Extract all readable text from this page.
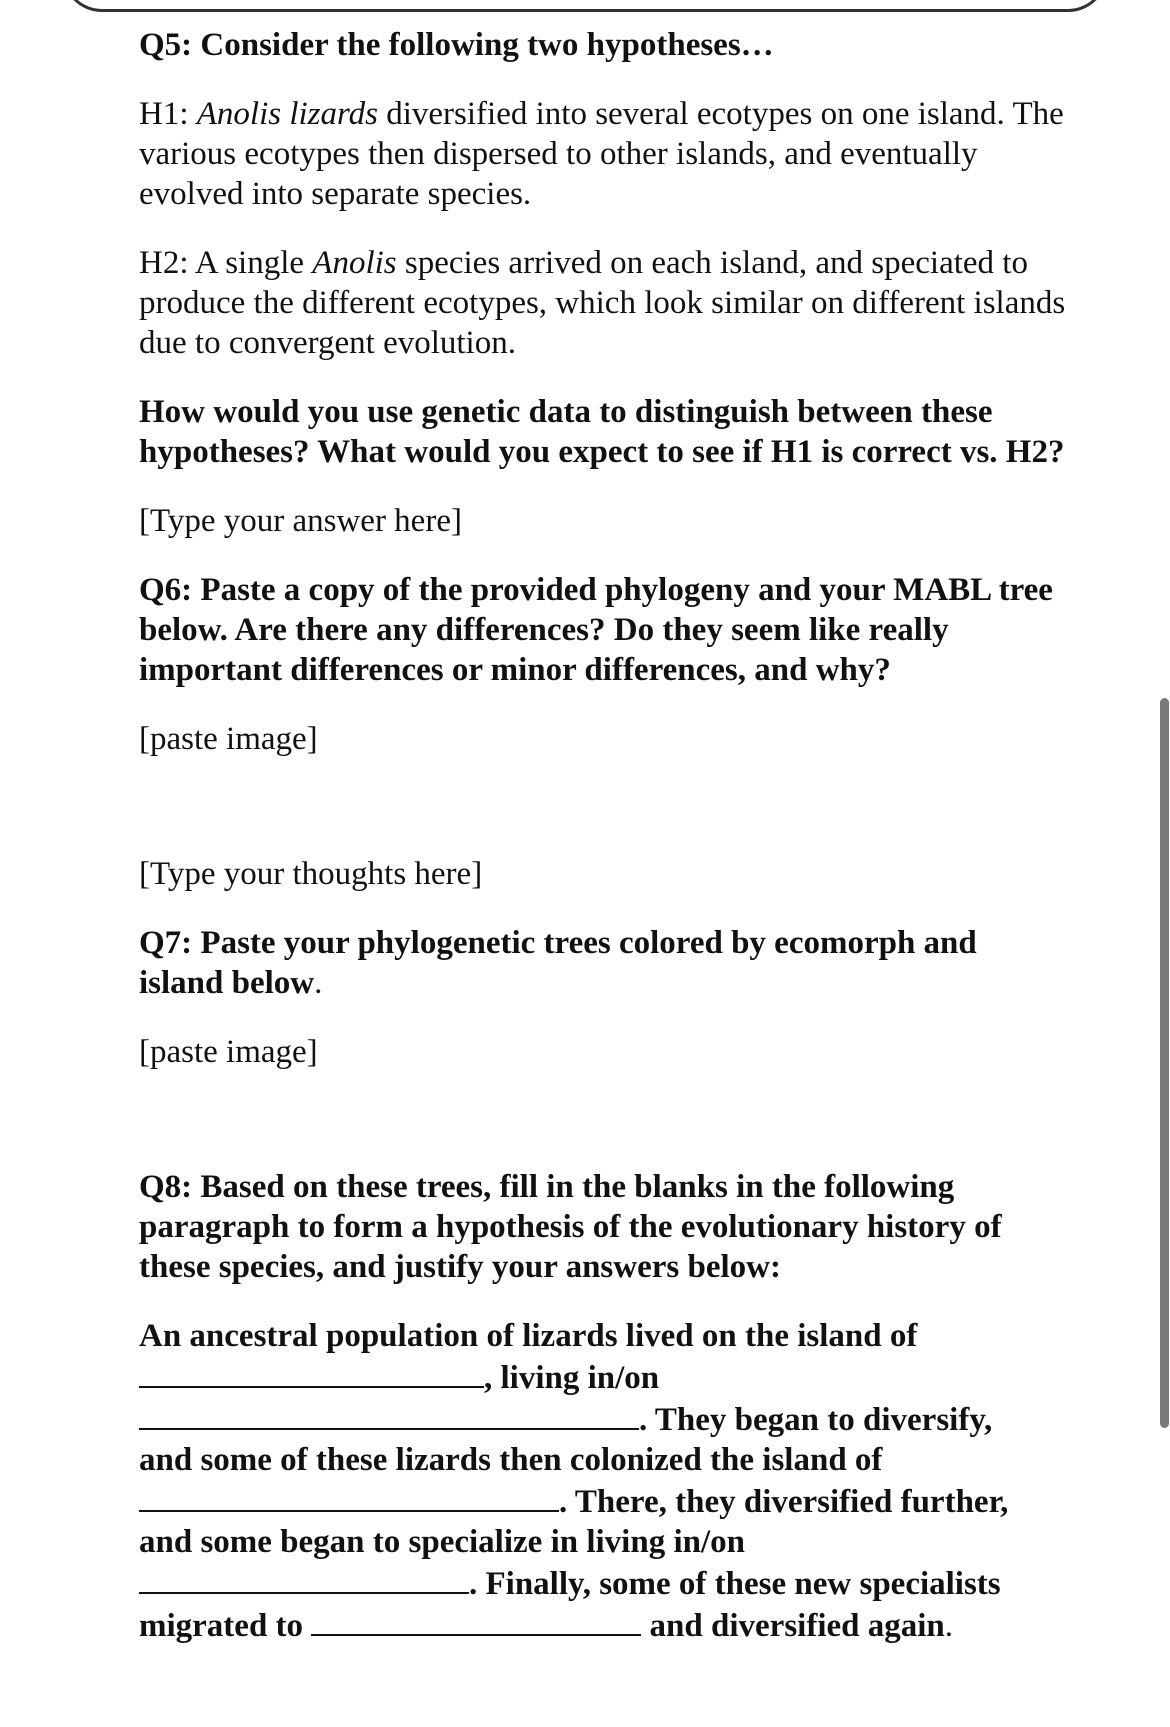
Q5: Consider the following two hypotheses…

H1: Anolis lizards diversified into several ecotypes on one island. The various ecotypes then dispersed to other islands, and eventually evolved into separate species.

H2: A single Anolis species arrived on each island, and speciated to produce the different ecotypes, which look similar on different islands due to convergent evolution.

How would you use genetic data to distinguish between these hypotheses? What would you expect to see if H1 is correct vs. H2?

[Type your answer here]

Q6: Paste a copy of the provided phylogeny and your MABL tree below. Are there any differences? Do they seem like really important differences or minor differences, and why?

[paste image]

[Type your thoughts here]

Q7: Paste your phylogenetic trees colored by ecomorph and island below.

[paste image]

Q8: Based on these trees, fill in the blanks in the following paragraph to form a hypothesis of the evolutionary history of these species, and justify your answers below:

An ancestral population of lizards lived on the island of
, living in/on
. They began to diversify,
and some of these lizards then colonized the island of
. There, they diversified further,
and some began to specialize in living in/on
. Finally, some of these new specialists
migrated to	and diversified again.
